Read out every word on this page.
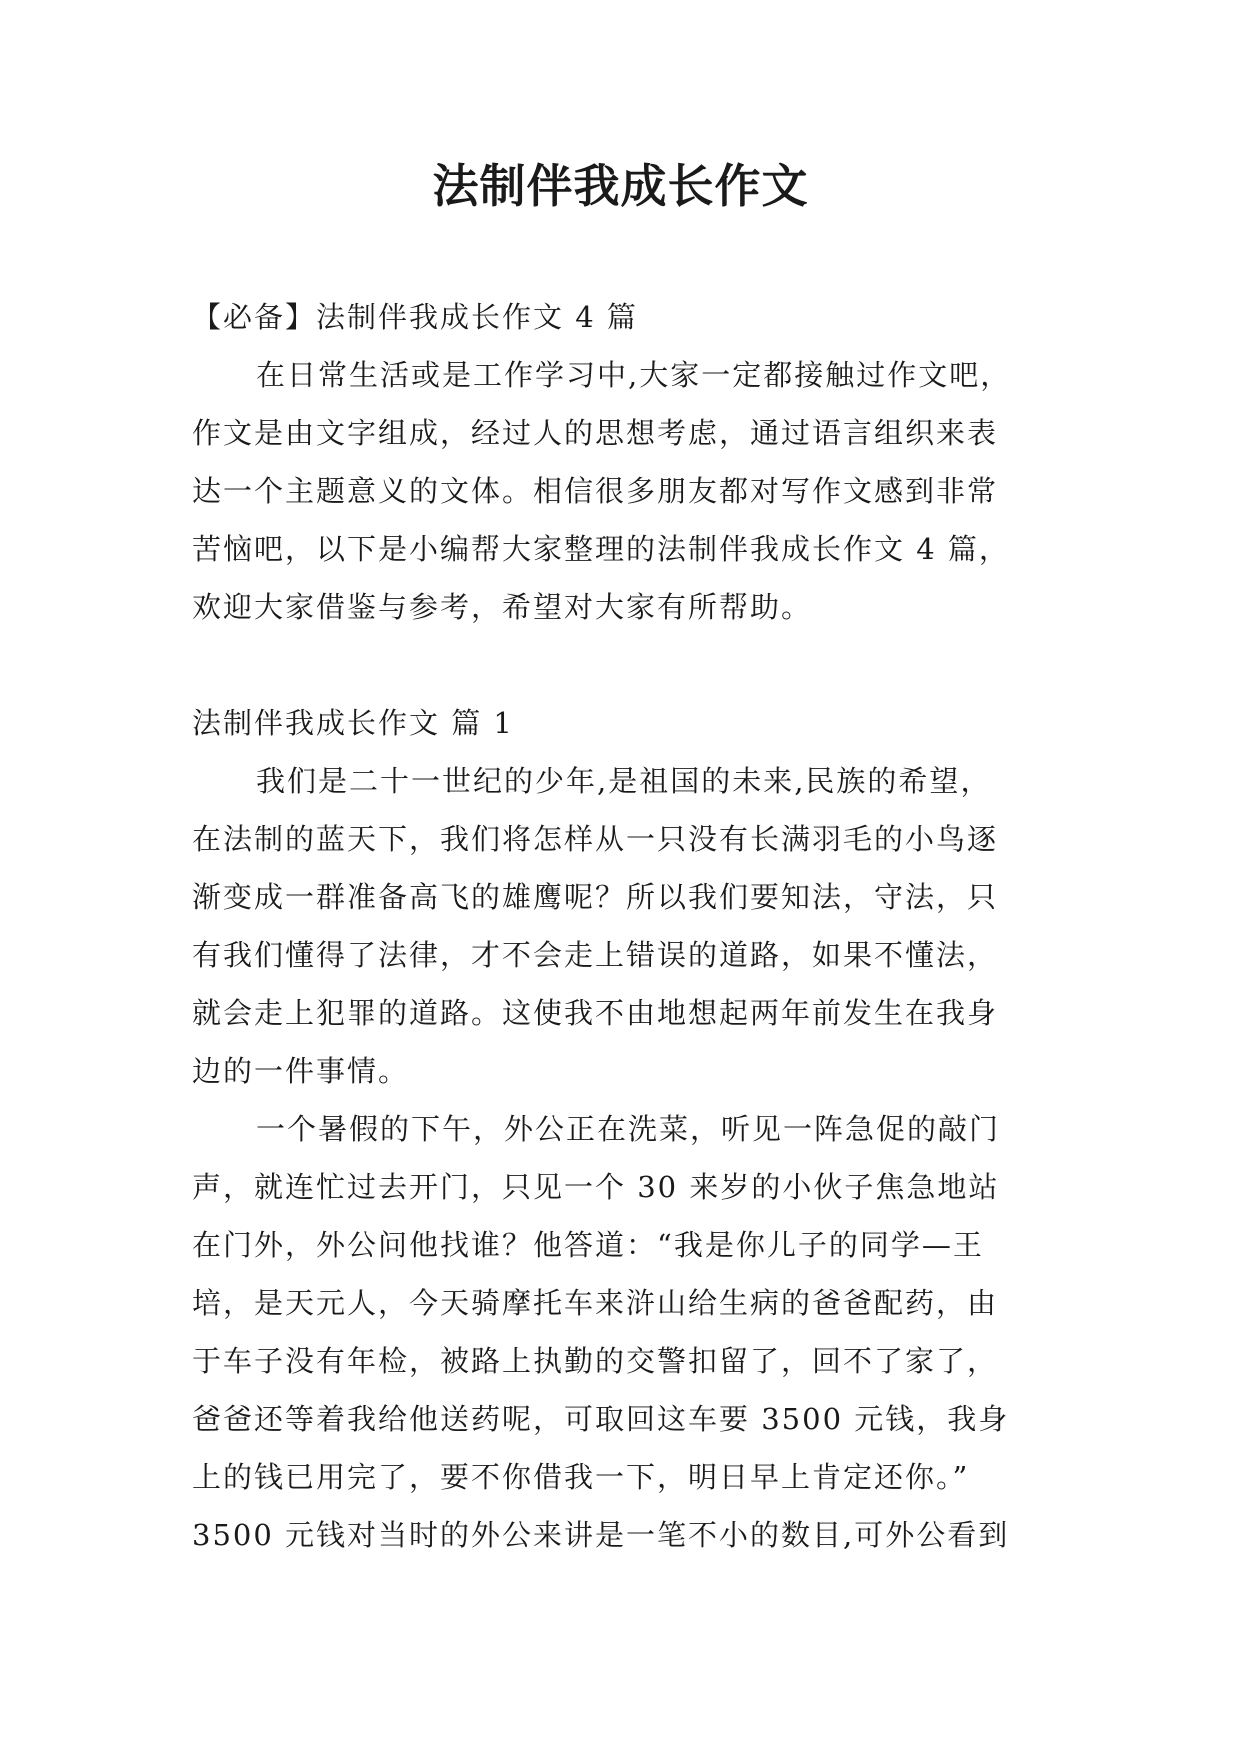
法制伴我成长作文

【必备】法制伴我成长作文 4 篇

在日常生活或是工作学习中,大家一定都接触过作文吧，

作文是由文字组成，经过人的思想考虑，通过语言组织来表

达一个主题意义的文体。相信很多朋友都对写作文感到非常

苦恼吧，以下是小编帮大家整理的法制伴我成长作文 4 篇，

欢迎大家借鉴与参考，希望对大家有所帮助。

法制伴我成长作文 篇 1

我们是二十一世纪的少年,是祖国的未来,民族的希望，

在法制的蓝天下，我们将怎样从一只没有长满羽毛的小鸟逐

渐变成一群准备高飞的雄鹰呢？所以我们要知法，守法，只

有我们懂得了法律，才不会走上错误的道路，如果不懂法，

就会走上犯罪的道路。这使我不由地想起两年前发生在我身

边的一件事情。

一个暑假的下午，外公正在洗菜，听见一阵急促的敲门

声，就连忙过去开门，只见一个 30 来岁的小伙子焦急地站

在门外，外公问他找谁？他答道：“我是你儿子的同学—王

培，是天元人，今天骑摩托车来浒山给生病的爸爸配药，由

于车子没有年检，被路上执勤的交警扣留了，回不了家了，

爸爸还等着我给他送药呢，可取回这车要 3500 元钱，我身

上的钱已用完了，要不你借我一下，明日早上肯定还你。”

3500 元钱对当时的外公来讲是一笔不小的数目,可外公看到
